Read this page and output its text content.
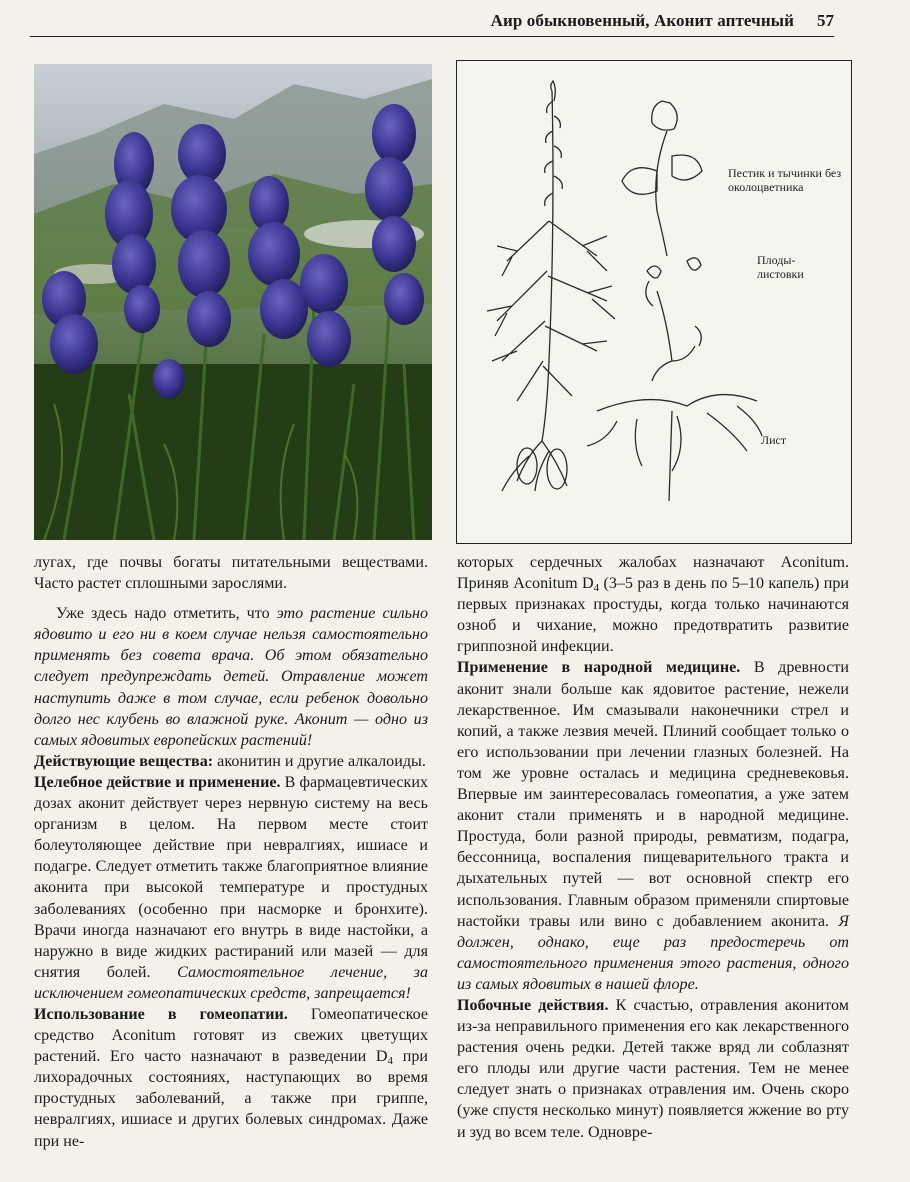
Аир обыкновенный, Аконит аптечный 57
Пестик и тычинки без околоцветника
Плоды-листовки
Лист

лугах, где почвы богаты питательными веществами. Часто растет сплошными зарослями.

Уже здесь надо отметить, что это растение сильно ядовито и его ни в коем случае нельзя самостоятельно применять без совета врача. Об этом обязательно следует предупреждать детей. Отравление может наступить даже в том случае, если ребенок довольно долго нес клубень во влажной руке. Аконит — одно из самых ядовитых европейских растений!

Действующие вещества: аконитин и другие алкалоиды.

Целебное действие и применение. В фармацевтических дозах аконит действует через нервную систему на весь организм в целом. На первом месте стоит болеутоляющее действие при невралгиях, ишиасе и подагре. Следует отметить также благоприятное влияние аконита при высокой температуре и простудных заболеваниях (особенно при насморке и бронхите). Врачи иногда назначают его внутрь в виде настойки, а наружно в виде жидких растираний или мазей — для снятия болей. Самостоятельное лечение, за исключением гомеопатических средств, запрещается!

Использование в гомеопатии. Гомеопатическое средство Aconitum готовят из свежих цветущих растений. Его часто назначают в разведении $D_4$ при лихорадочных состояниях, наступающих во время простудных заболеваний, а также при гриппе, невралгиях, ишиасе и других болевых синдромах. Даже при не-

которых сердечных жалобах назначают Aconitum. Приняв Aconitum $D_4$ (3–5 раз в день по 5–10 капель) при первых признаках простуды, когда только начинаются озноб и чихание, можно предотвратить развитие гриппозной инфекции.

Применение в народной медицине. В древности аконит знали больше как ядовитое растение, нежели лекарственное. Им смазывали наконечники стрел и копий, а также лезвия мечей. Плиний сообщает только о его использовании при лечении глазных болезней. На том же уровне осталась и медицина средневековья. Впервые им заинтересовалась гомеопатия, а уже затем аконит стали применять и в народной медицине. Простуда, боли разной природы, ревматизм, подагра, бессонница, воспаления пищеварительного тракта и дыхательных путей — вот основной спектр его использования. Главным образом применяли спиртовые настойки травы или вино с добавлением аконита. Я должен, однако, еще раз предостеречь от самостоятельного применения этого растения, одного из самых ядовитых в нашей флоре.

Побочные действия. К счастью, отравления аконитом из-за неправильного применения его как лекарственного растения очень редки. Детей также вряд ли соблазнят его плоды или другие части растения. Тем не менее следует знать о признаках отравления им. Очень скоро (уже спустя несколько минут) появляется жжение во рту и зуд во всем теле. Одновре-
